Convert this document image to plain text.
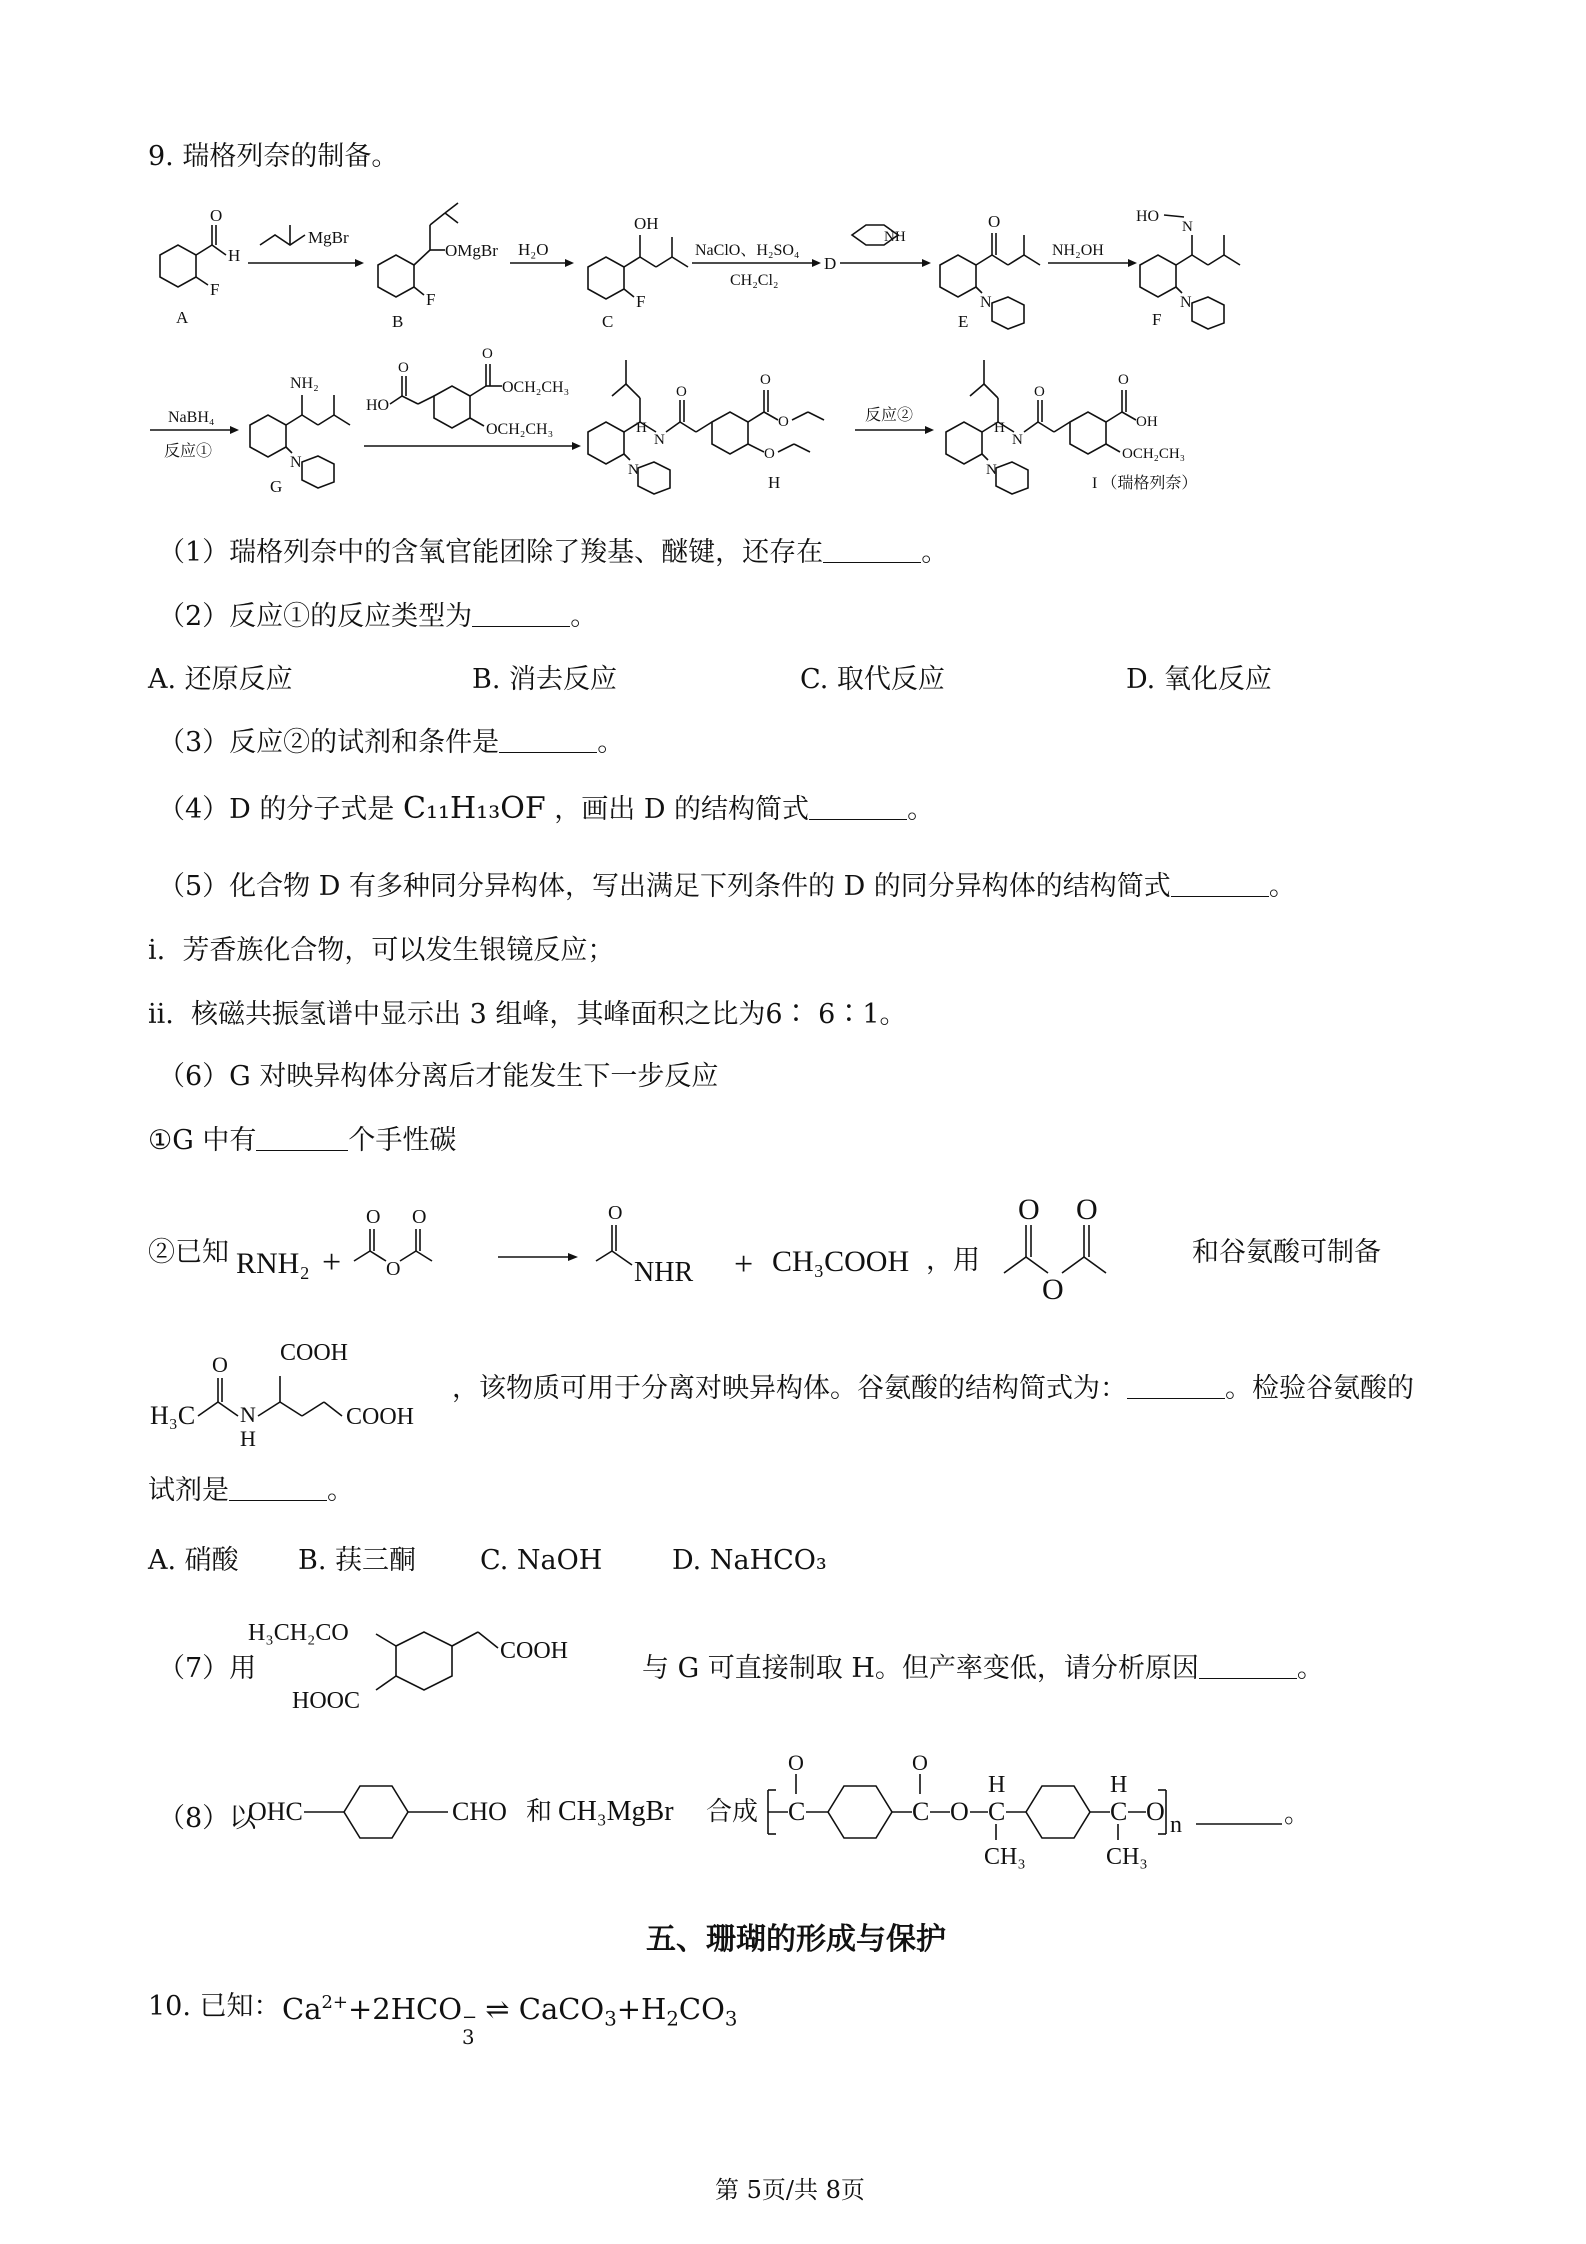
9. 瑞格列奈的制备。
O
H
F
A
MgBr
OMgBr
F
B
H₂O
OH
F
C
NaClO、H₂SO₄
CH₂Cl₂
D
NH
O
N
E
NH₂OH
N
HO
N
F
NaBH₄
反应①
NH₂
N
G
HO
O
O
OCH₂CH₃
OCH₂CH₃
N
H
O
O
O
O
N
H
反应②
N
H
O
O
OH
OCH₂CH₃
N
I （瑞格列奈）
（1）瑞格列奈中的含氧官能团除了羧基、醚键，还存在	。
（2）反应①的反应类型为	。
A. 还原反应	B. 消去反应	C. 取代反应	D. 氧化反应
（3）反应②的试剂和条件是	。
（4）D 的分子式是 C₁₁H₁₃OF ，画出 D 的结构简式	。
（5）化合物 D 有多种同分异构体，写出满足下列条件的 D 的同分异构体的结构简式	。
i.  芳香族化合物，可以发生银镜反应；
ii.  核磁共振氢谱中显示出 3 组峰，其峰面积之比为6∶ 6∶1。
（6）G 对映异构体分离后才能发生下一步反应
①G 中有	个手性碳
②已知 RNH₂ +
O
O
O	O
NHR + CH₃COOH ，用
O
O
O
和谷氨酸可制备
H₃C
O
N
H
COOH
COOH
，该物质可用于分离对映异构体。谷氨酸的结构简式为：	。检验谷氨酸的
试剂是	。
A. 硝酸 B. 荴三酮 C. NaOH	D. NaHCO₃
（7）用
H₃CH₂CO
COOH
HOOC
与 G 可直接制取 H。但产率变低，请分析原因	。
（8）以
OHC	CHO 和 CH₃MgBr 合成 C
O
C
O
O C
H
CH₃
C
H
CH₃
O n	。
五、珊瑚的形成与保护
10. 已知： $Ca^{2+}+2HCO$ −
3
⇌ $CaCO_3+H_2CO_3$
第 5页/共 8页
